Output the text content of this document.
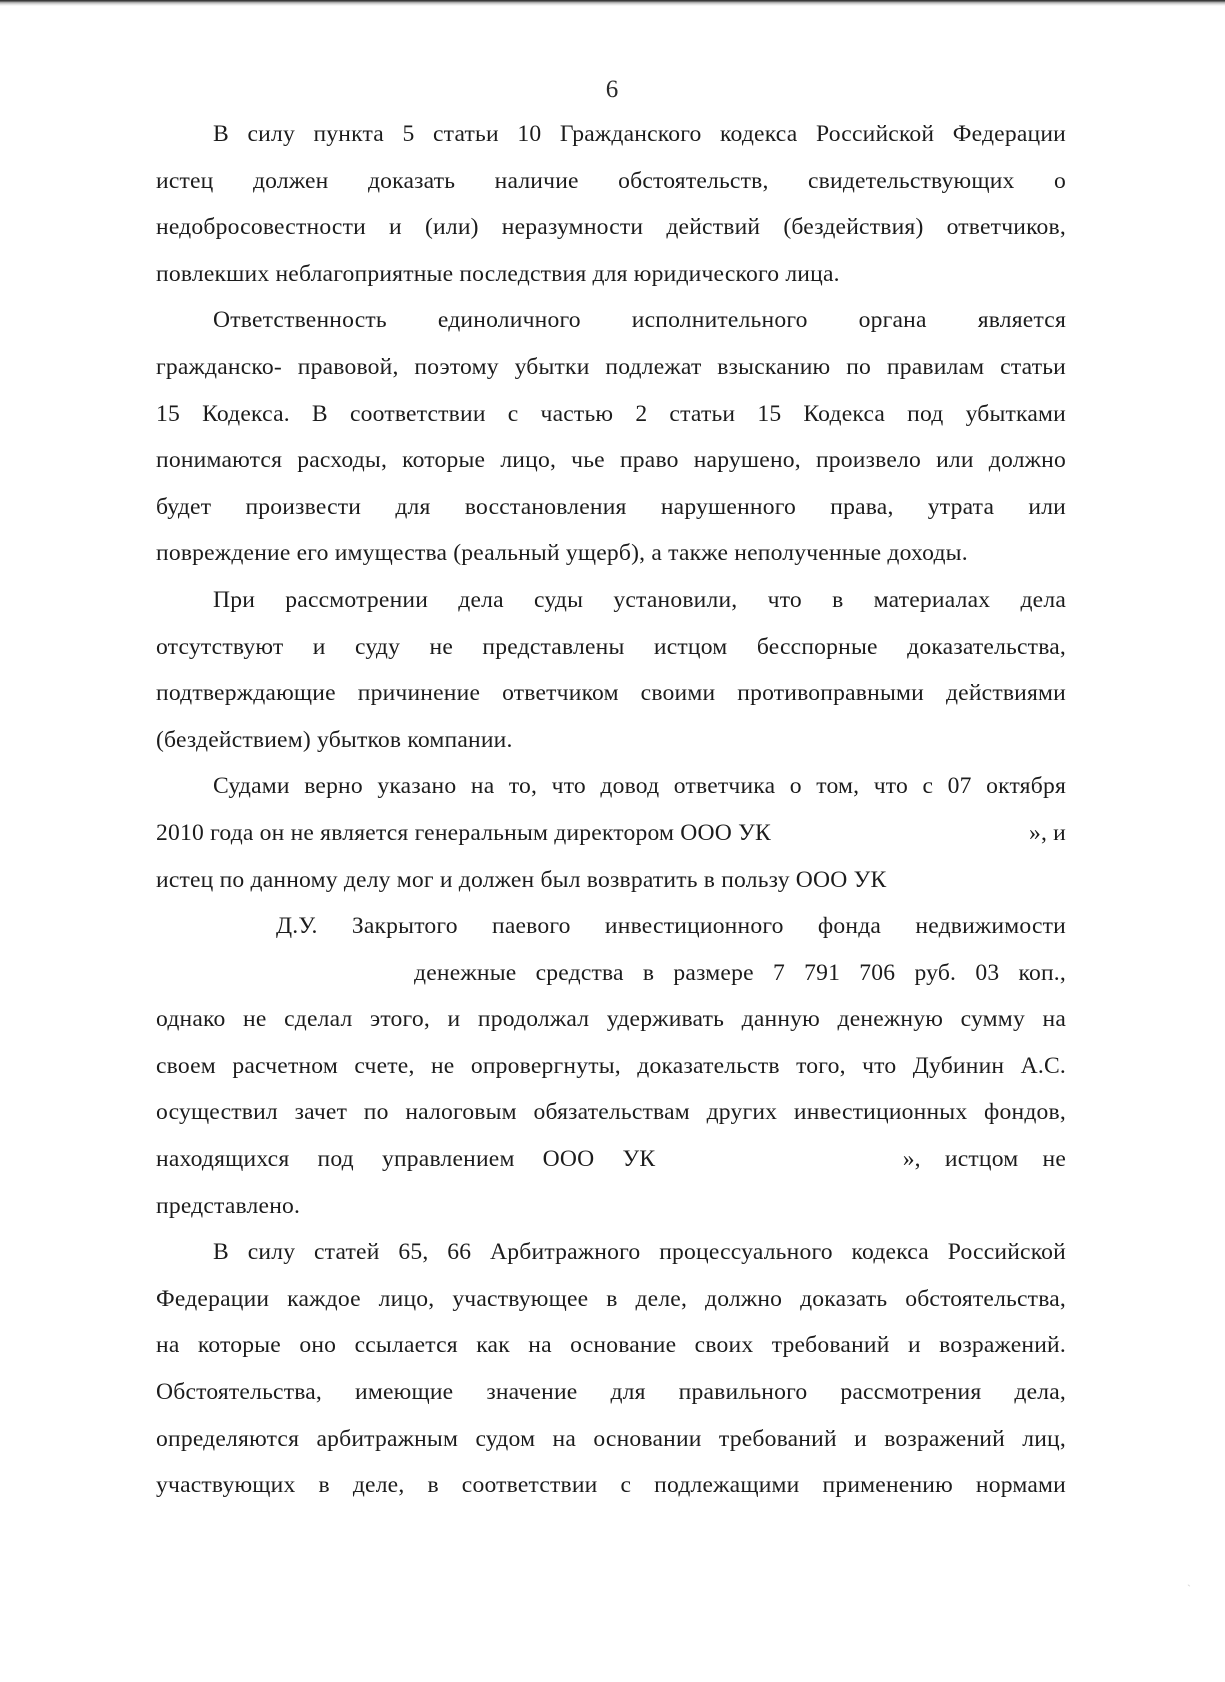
6
В силу пункта 5 статьи 10 Гражданского кодекса Российской Федерации
истец должен доказать наличие обстоятельств, свидетельствующих о
недобросовестности и (или) неразумности действий (бездействия) ответчиков,
повлекших неблагоприятные последствия для юридического лица.
Ответственность единоличного исполнительного органа является
гражданско- правовой, поэтому убытки подлежат взысканию по правилам статьи
15 Кодекса. В соответствии с частью 2 статьи 15 Кодекса под убытками
понимаются расходы, которые лицо, чье право нарушено, произвело или должно
будет произвести для восстановления нарушенного права, утрата или
повреждение его имущества (реальный ущерб), а также неполученные доходы.
При рассмотрении дела суды установили, что в материалах дела
отсутствуют и суду не представлены истцом бесспорные доказательства,
подтверждающие причинение ответчиком своими противоправными действиями
(бездействием) убытков компании.
Судами верно указано на то, что довод ответчика о том, что с 07 октября
2010 года он не является генеральным директором ООО УК	», и
истец по данному делу мог и должен был возвратить в пользу ООО УК
Д.У. Закрытого паевого инвестиционного фонда недвижимости
денежные средства в размере 7 791 706 руб. 03 коп.,
однако не сделал этого, и продолжал удерживать данную денежную сумму на
своем расчетном счете, не опровергнуты, доказательств того, что Дубинин А.С.
осуществил зачет по налоговым обязательствам других инвестиционных фондов,
находящихся под управлением ООО УК	», истцом не
представлено.
В силу статей 65, 66 Арбитражного процессуального кодекса Российской
Федерации каждое лицо, участвующее в деле, должно доказать обстоятельства,
на которые оно ссылается как на основание своих требований и возражений.
Обстоятельства, имеющие значение для правильного рассмотрения дела,
определяются арбитражным судом на основании требований и возражений лиц,
участвующих в деле, в соответствии с подлежащими применению нормами
ˎ
